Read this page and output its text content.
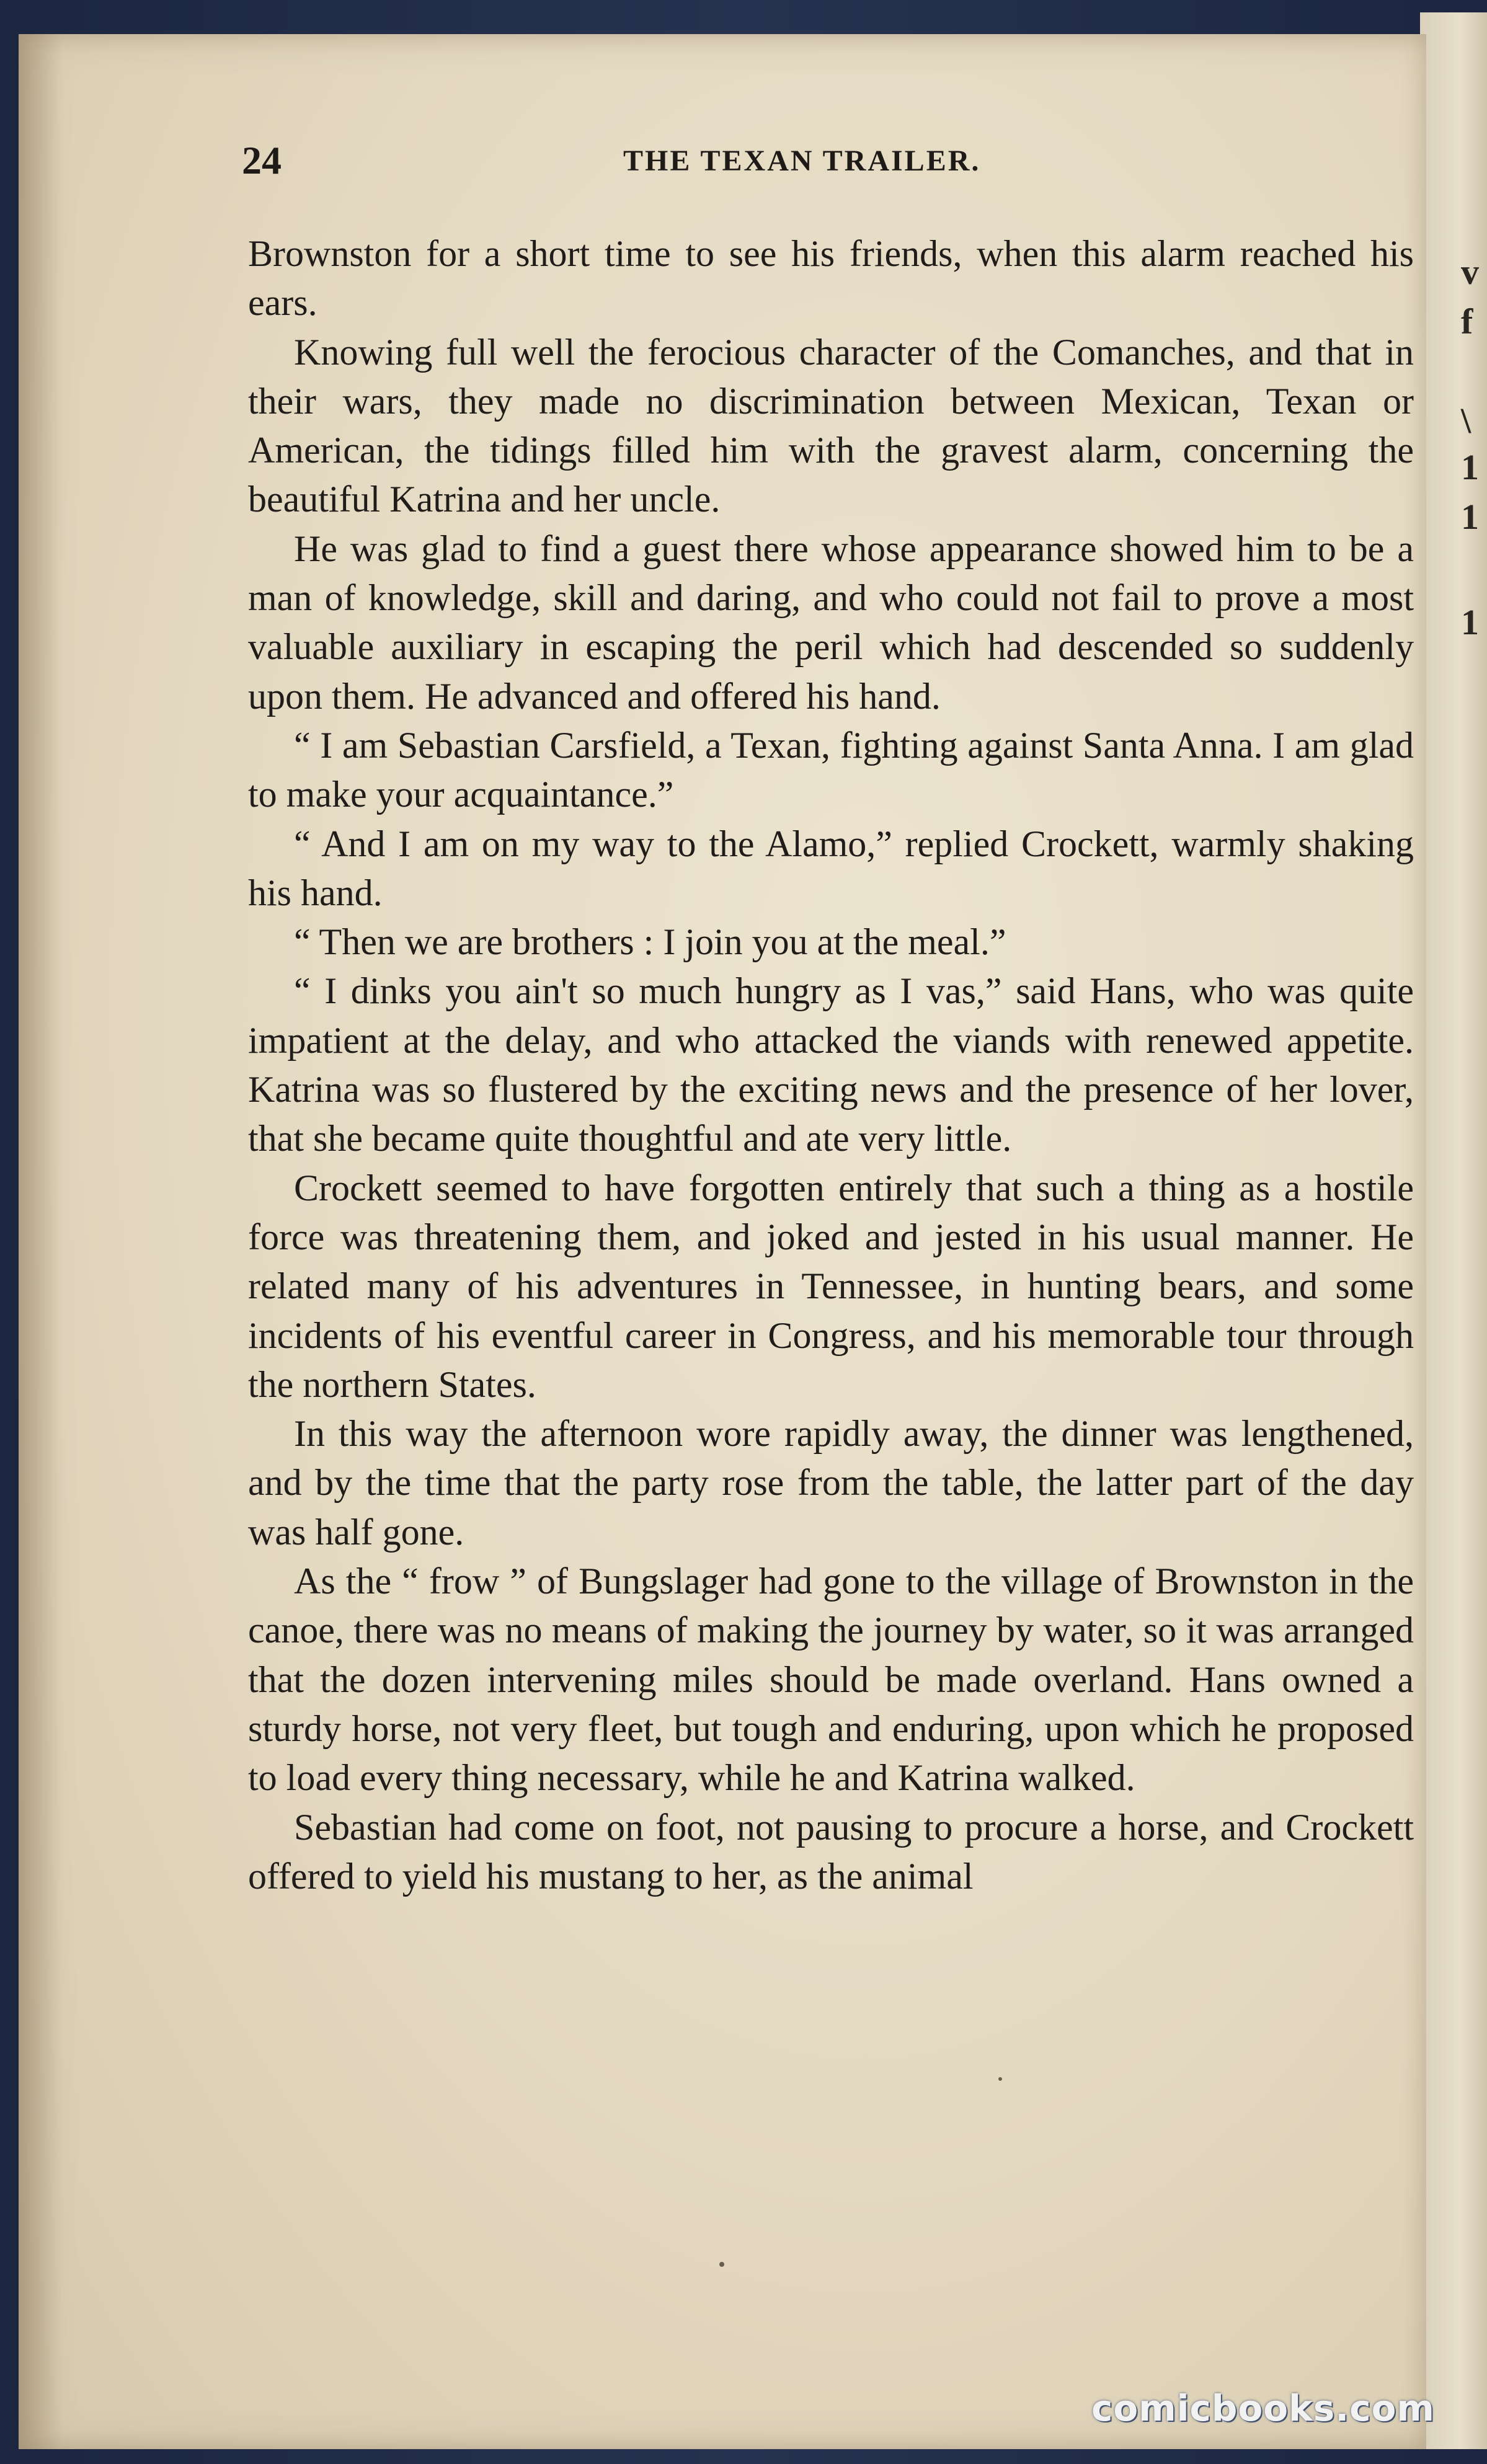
v
f
\
1
1
1
24	THE TEXAN TRAILER.

Brownston for a short time to see his friends, when this alarm reached his ears.

Knowing full well the ferocious character of the Comanches, and that in their wars, they made no discrimination between Mexican, Texan or American, the tidings filled him with the gravest alarm, concerning the beautiful Katrina and her uncle.

He was glad to find a guest there whose appearance showed him to be a man of knowledge, skill and daring, and who could not fail to prove a most valuable auxiliary in escaping the peril which had descended so suddenly upon them. He advanced and offered his hand.

“ I am Sebastian Carsfield, a Texan, fighting against Santa Anna. I am glad to make your acquaintance.”

“ And I am on my way to the Alamo,” replied Crockett, warmly shaking his hand.

“ Then we are brothers : I join you at the meal.”

“ I dinks you ain't so much hungry as I vas,” said Hans, who was quite impatient at the delay, and who attacked the viands with renewed appetite. Katrina was so flustered by the exciting news and the presence of her lover, that she became quite thoughtful and ate very little.

Crockett seemed to have forgotten entirely that such a thing as a hostile force was threatening them, and joked and jested in his usual manner. He related many of his adventures in Tennessee, in hunting bears, and some incidents of his eventful career in Congress, and his memorable tour through the northern States.

In this way the afternoon wore rapidly away, the dinner was lengthened, and by the time that the party rose from the table, the latter part of the day was half gone.

As the “ frow ” of Bungslager had gone to the village of Brownston in the canoe, there was no means of making the journey by water, so it was arranged that the dozen intervening miles should be made overland. Hans owned a sturdy horse, not very fleet, but tough and enduring, upon which he proposed to load every thing necessary, while he and Katrina walked.

Sebastian had come on foot, not pausing to procure a horse, and Crockett offered to yield his mustang to her, as the animal

comicbooks.com
